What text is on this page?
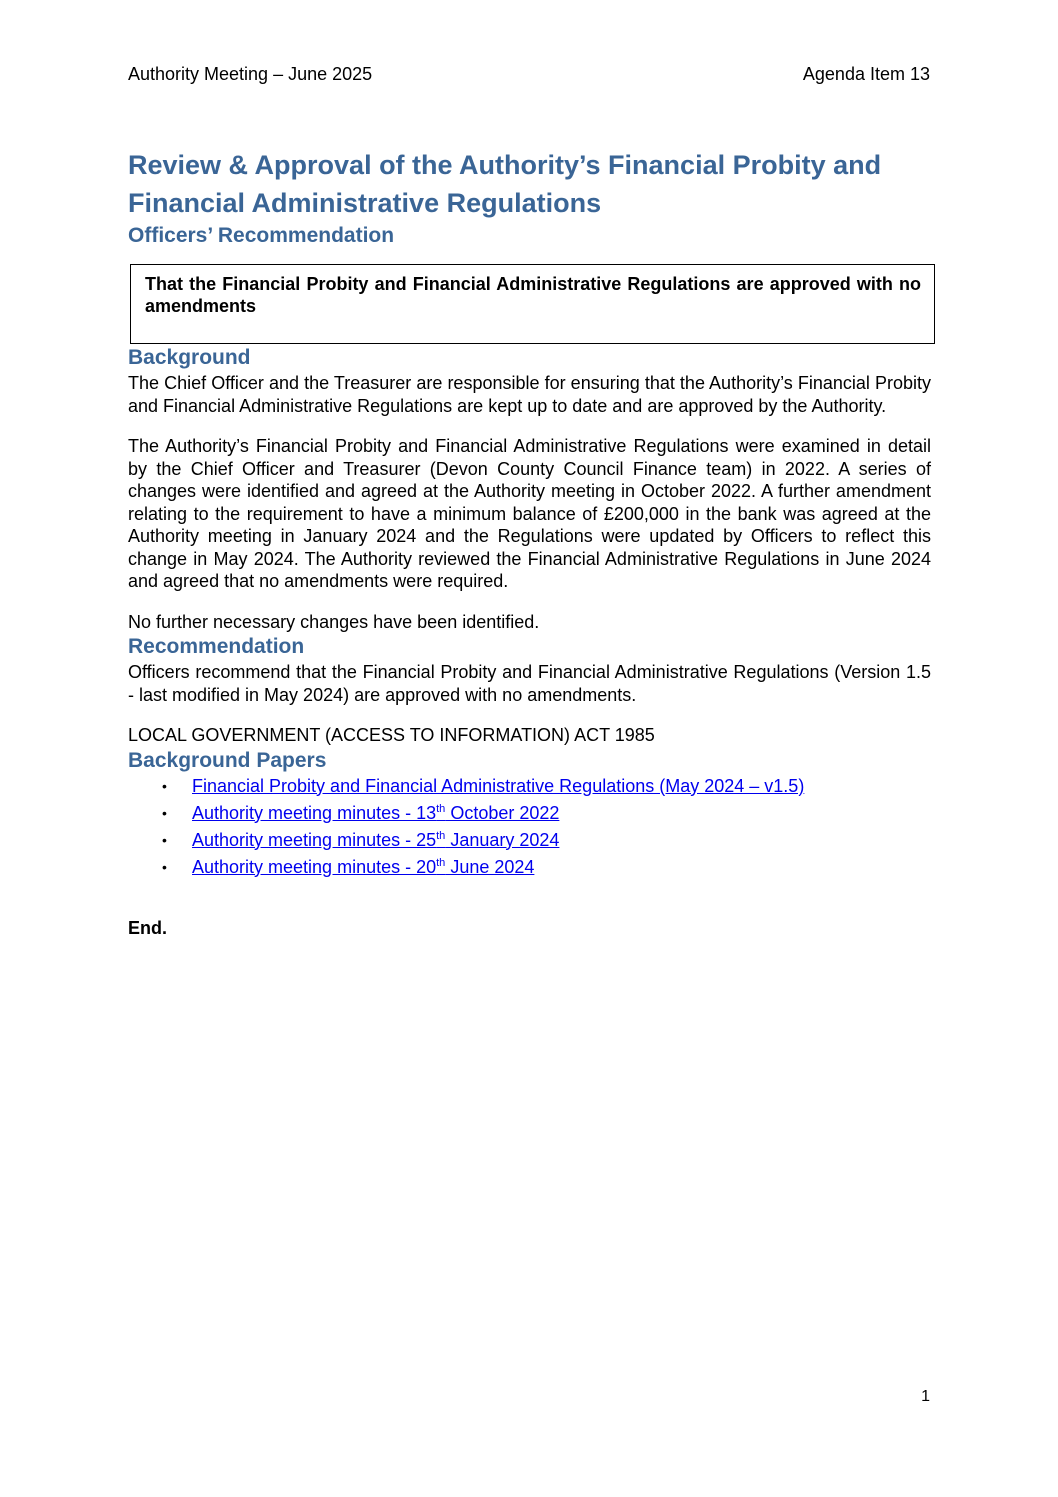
Authority Meeting – June 2025	Agenda Item 13
Review & Approval of the Authority’s Financial Probity and Financial Administrative Regulations
Officers’ Recommendation
That the Financial Probity and Financial Administrative Regulations are approved with no amendments
Background

The Chief Officer and the Treasurer are responsible for ensuring that the Authority’s Financial Probity and Financial Administrative Regulations are kept up to date and are approved by the Authority.

The Authority’s Financial Probity and Financial Administrative Regulations were examined in detail by the Chief Officer and Treasurer (Devon County Council Finance team) in 2022. A series of changes were identified and agreed at the Authority meeting in October 2022. A further amendment relating to the requirement to have a minimum balance of £200,000 in the bank was agreed at the Authority meeting in January 2024 and the Regulations were updated by Officers to reflect this change in May 2024. The Authority reviewed the Financial Administrative Regulations in June 2024 and agreed that no amendments were required.

No further necessary changes have been identified.

Recommendation

Officers recommend that the Financial Probity and Financial Administrative Regulations (Version 1.5 - last modified in May 2024) are approved with no amendments.

LOCAL GOVERNMENT (ACCESS TO INFORMATION) ACT 1985

Background Papers
• Financial Probity and Financial Administrative Regulations (May 2024 – v1.5)
• Authority meeting minutes - 13th October 2022
• Authority meeting minutes - 25th January 2024
• Authority meeting minutes - 20th June 2024
End.
1
